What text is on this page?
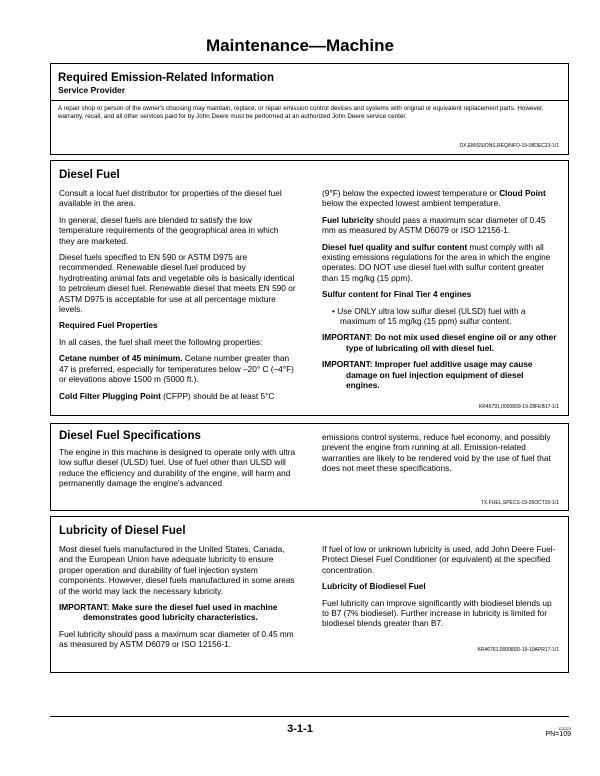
Maintenance—Machine
Required Emission-Related Information
Service Provider

A repair shop or person of the owner's choosing may maintain, replace, or repair emission control devices and systems with original or equivalent replacement parts. However, warranty, recall, and all other services paid for by John Deere must be performed at an authorized John Deere service center.

DX,EMISSIONS,REQINFO-19-08DEC23-1/1
Diesel Fuel

Consult a local fuel distributor for properties of the diesel fuel available in the area.

In general, diesel fuels are blended to satisfy the low temperature requirements of the geographical area in which they are marketed.

Diesel fuels specified to EN 590 or ASTM D975 are recommended. Renewable diesel fuel produced by hydrotreating animal fats and vegetable oils is basically identical to petroleum diesel fuel. Renewable diesel that meets EN 590 or ASTM D975 is acceptable for use at all percentage mixture levels.

Required Fuel Properties

In all cases, the fuel shall meet the following properties:

Cetane number of 45 minimum. Cetane number greater than 47 is preferred, especially for temperatures below –20° C (–4°F) or elevations above 1500 m (5000 ft.).

Cold Filter Plugging Point (CFPP) should be at least 5°C

(9°F) below the expected lowest temperature or Cloud Point below the expected lowest ambient temperature.

Fuel lubricity should pass a maximum scar diameter of 0.45 mm as measured by ASTM D6079 or ISO 12156-1.

Diesel fuel quality and sulfur content must comply with all existing emissions regulations for the area in which the engine operates. DO NOT use diesel fuel with sulfur content greater than 15 mg/kg (15 ppm).

Sulfur content for Final Tier 4 engines

• Use ONLY ultra low sulfur diesel (ULSD) fuel with a maximum of 15 mg/kg (15 ppm) sulfur content.

IMPORTANT: Do not mix used diesel engine oil or any other type of lubricating oil with diesel fuel.

IMPORTANT: Improper fuel additive usage may cause damage on fuel injection equipment of diesel engines.

KR46791,0000809-19-28FEB17-1/1
Diesel Fuel Specifications

The engine in this machine is designed to operate only with ultra low sulfur diesel (ULSD) fuel. Use of fuel other than ULSD will reduce the efficiency and durability of the engine, will harm and permanently damage the engine's advanced

emissions control systems, reduce fuel economy, and possibly prevent the engine from running at all. Emission-related warranties are likely to be rendered void by the use of fuel that does not meet these specifications.

TX,FUEL,SPECS-19-26OCT20-1/1
Lubricity of Diesel Fuel

Most diesel fuels manufactured in the United States, Canada, and the European Union have adequate lubricity to ensure proper operation and durability of fuel injection system components. However, diesel fuels manufactured in some areas of the world may lack the necessary lubricity.

IMPORTANT: Make sure the diesel fuel used in machine demonstrates good lubricity characteristics.

Fuel lubricity should pass a maximum scar diameter of 0.45 mm as measured by ASTM D6079 or ISO 12156-1.

If fuel of low or unknown lubricity is used, add John Deere Fuel-Protect Diesel Fuel Conditioner (or equivalent) at the specified concentration.

Lubricity of Biodiesel Fuel

Fuel lubricity can improve significantly with biodiesel blends up to B7 (7% biodiesel). Further increase in lubricity is limited for biodiesel blends greater than B7.

KR46761,000080D-19-10APR17-1/1
3-1-1	112223
PN=109
